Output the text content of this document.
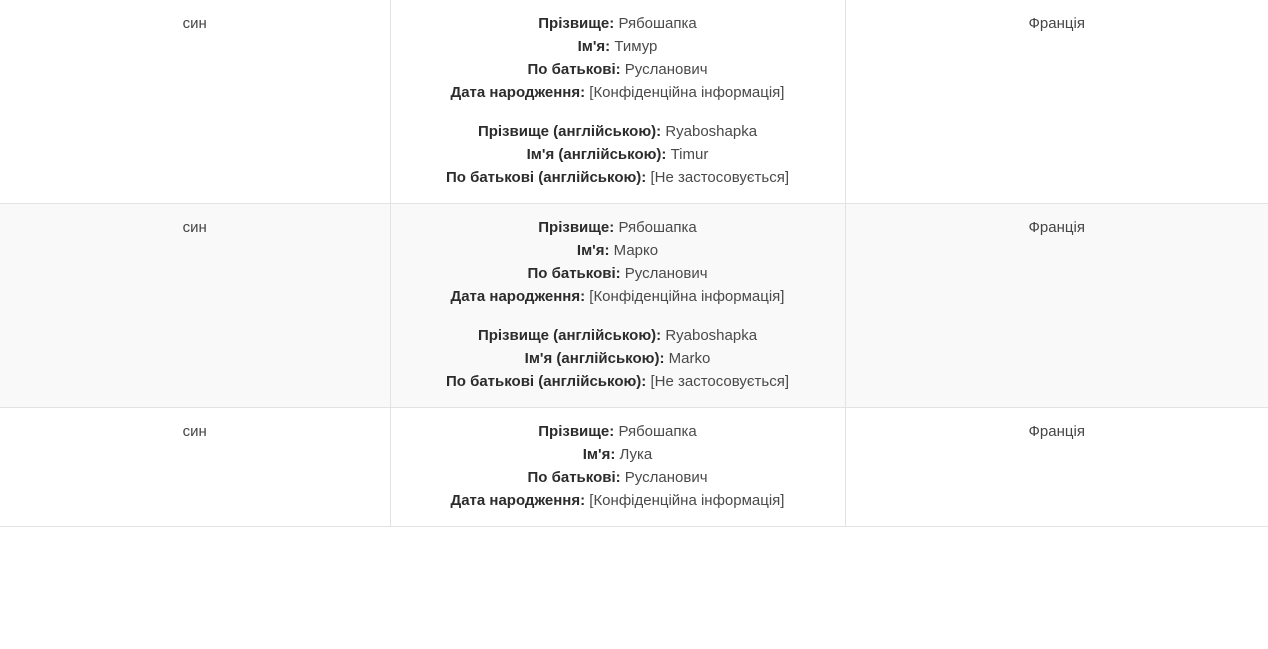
син	Прізвище: Рябошапка
Ім'я: Тимур
По батькові: Русланович
Дата народження: [Конфіденційна інформація]
Прізвище (англійською): Ryaboshapka
Ім'я (англійською): Timur
По батькові (англійською): [Не застосовується]
	Франція
син	Прізвище: Рябошапка
Ім'я: Марко
По батькові: Русланович
Дата народження: [Конфіденційна інформація]
Прізвище (англійською): Ryaboshapka
Ім'я (англійською): Marko
По батькові (англійською): [Не застосовується]
	Франція
син	Прізвище: Рябошапка
Ім'я: Лука
По батькові: Русланович
Дата народження: [Конфіденційна інформація]	Франція
